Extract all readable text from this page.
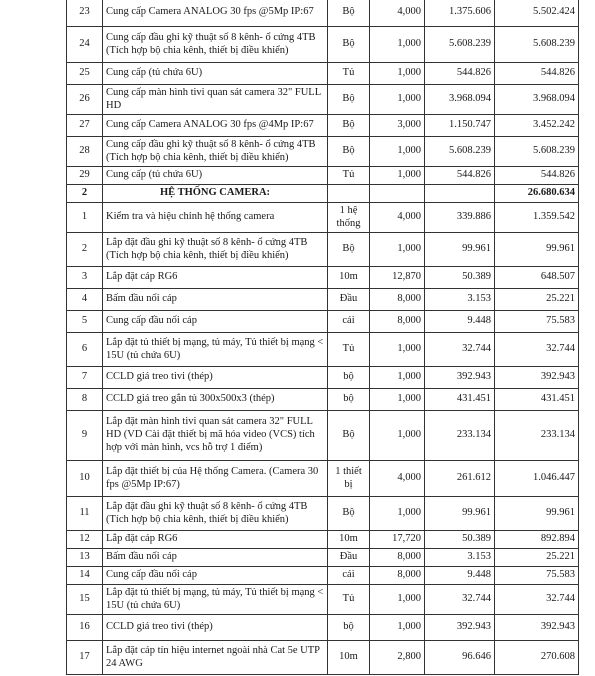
23	Cung cấp Camera ANALOG 30 fps @5Mp IP:67	Bộ	4,000	1.375.606	5.502.424
24	Cung cấp đầu ghi kỹ thuật số 8 kênh- ổ cứng 4TB (Tích hợp bộ chia kênh, thiết bị điều khiển)	Bộ	1,000	5.608.239	5.608.239
25	Cung cấp (tủ chứa 6U)	Tủ	1,000	544.826	544.826
26	Cung cấp màn hình tivi quan sát camera 32" FULL HD	Bộ	1,000	3.968.094	3.968.094
27	Cung cấp Camera ANALOG 30 fps @4Mp IP:67	Bộ	3,000	1.150.747	3.452.242
28	Cung cấp đầu ghi kỹ thuật số 8 kênh- ổ cứng 4TB (Tích hợp bộ chia kênh, thiết bị điều khiển)	Bộ	1,000	5.608.239	5.608.239
29	Cung cấp (tủ chứa 6U)	Tủ	1,000	544.826	544.826
2	HỆ THỐNG CAMERA:				26.680.634
1	Kiểm tra và hiệu chỉnh hệ thống camera	1 hệ thống	4,000	339.886	1.359.542
2	Lắp đặt đầu ghi kỹ thuật số 8 kênh- ổ cứng 4TB (Tích hợp bộ chia kênh, thiết bị điều khiển)	Bộ	1,000	99.961	99.961
3	Lắp đặt cáp RG6	10m	12,870	50.389	648.507
4	Bấm đầu nối cáp	Đầu	8,000	3.153	25.221
5	Cung cấp đầu nối cáp	cái	8,000	9.448	75.583
6	Lắp đặt tủ thiết bị mạng, tủ máy, Tủ thiết bị mạng < 15U (tủ chứa 6U)	Tủ	1,000	32.744	32.744
7	CCLD giá treo tivi (thép)	bộ	1,000	392.943	392.943
8	CCLD giá treo gắn tủ 300x500x3 (thép)	bộ	1,000	431.451	431.451
9	Lắp đặt màn hình tivi quan sát camera 32" FULL HD (VD Cài đặt thiết bị mã hóa video (VCS) tích hợp với màn hình, vcs hỗ trợ 1 điểm)	Bộ	1,000	233.134	233.134
10	Lắp đặt thiết bị của Hệ thống Camera. (Camera 30 fps @5Mp IP:67)	1 thiết bị	4,000	261.612	1.046.447
11	Lắp đặt đầu ghi kỹ thuật số 8 kênh- ổ cứng 4TB (Tích hợp bộ chia kênh, thiết bị điều khiển)	Bộ	1,000	99.961	99.961
12	Lắp đặt cáp RG6	10m	17,720	50.389	892.894
13	Bấm đầu nối cáp	Đầu	8,000	3.153	25.221
14	Cung cấp đầu nối cáp	cái	8,000	9.448	75.583
15	Lắp đặt tủ thiết bị mạng, tủ máy, Tủ thiết bị mạng < 15U (tủ chứa 6U)	Tủ	1,000	32.744	32.744
16	CCLD giá treo tivi (thép)	bộ	1,000	392.943	392.943
17	Lắp đặt cáp tín hiệu internet ngoài nhà Cat 5e UTP 24 AWG	10m	2,800	96.646	270.608
